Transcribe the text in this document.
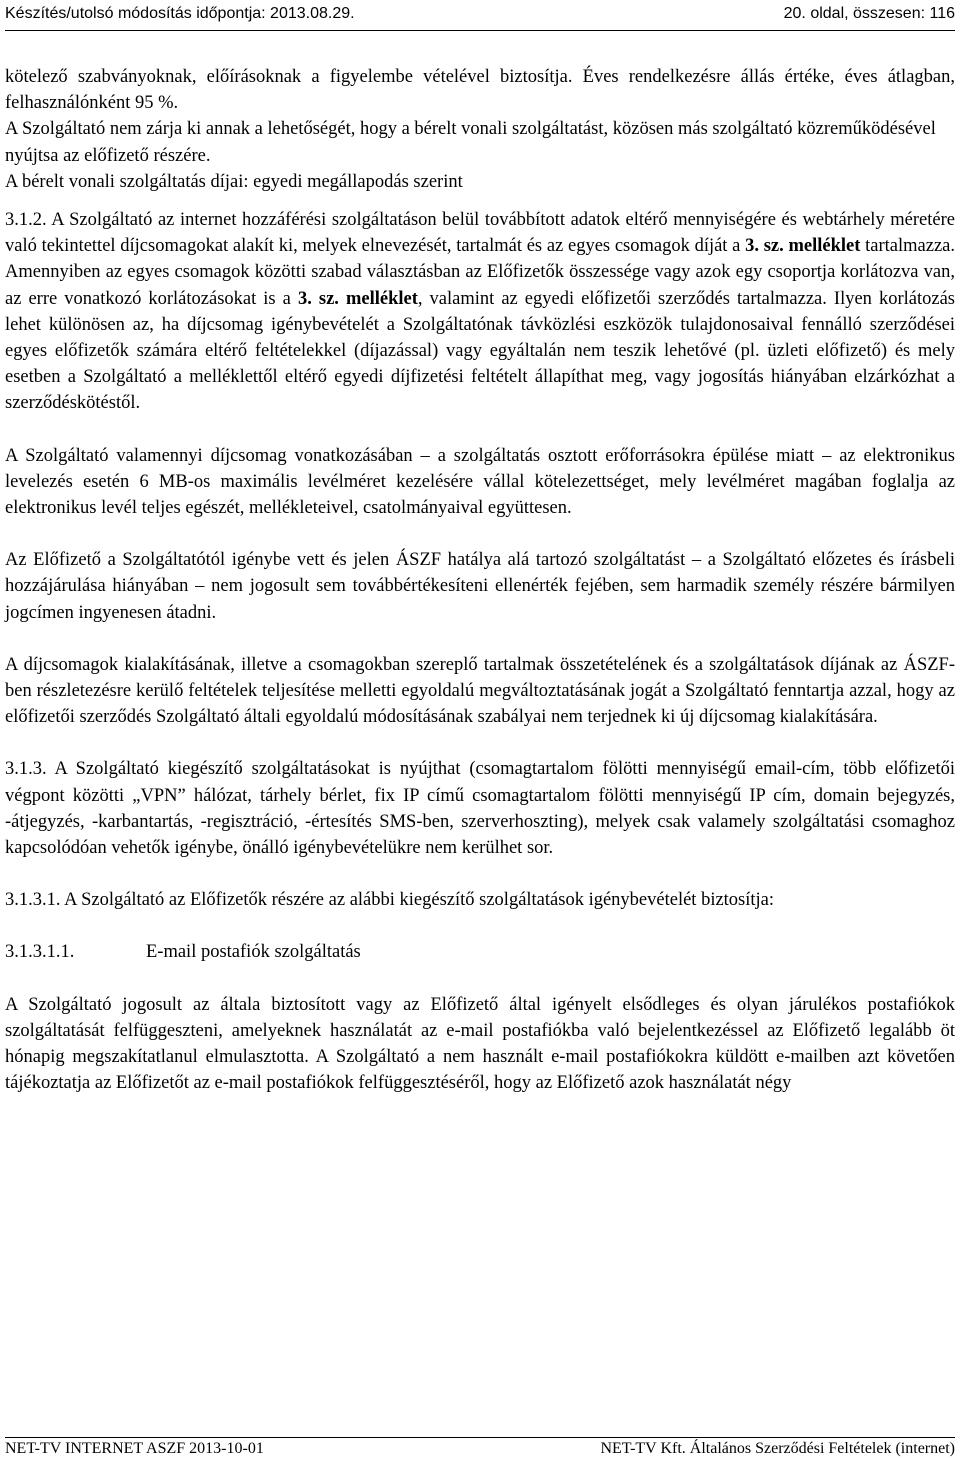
Készítés/utolsó módosítás időpontja: 2013.08.29.	20. oldal, összesen: 116

kötelező szabványoknak, előírásoknak a figyelembe vételével biztosítja. Éves rendelkezésre állás értéke, éves átlagban, felhasználónként 95 %.

A Szolgáltató nem zárja ki annak a lehetőségét, hogy a bérelt vonali szolgáltatást, közösen más szolgáltató közreműködésével nyújtsa az előfizető részére.

A bérelt vonali szolgáltatás díjai: egyedi megállapodás szerint

3.1.2. A Szolgáltató az internet hozzáférési szolgáltatáson belül továbbított adatok eltérő mennyiségére és webtárhely méretére való tekintettel díjcsomagokat alakít ki, melyek elnevezését, tartalmát és az egyes csomagok díját a 3. sz. melléklet tartalmazza. Amennyiben az egyes csomagok közötti szabad választásban az Előfizetők összessége vagy azok egy csoportja korlátozva van, az erre vonatkozó korlátozásokat is a 3. sz. melléklet, valamint az egyedi előfizetői szerződés tartalmazza. Ilyen korlátozás lehet különösen az, ha díjcsomag igénybevételét a Szolgáltatónak távközlési eszközök tulajdonosaival fennálló szerződései egyes előfizetők számára eltérő feltételekkel (díjazással) vagy egyáltalán nem teszik lehetővé (pl. üzleti előfizető) és mely esetben a Szolgáltató a melléklettől eltérő egyedi díjfizetési feltételt állapíthat meg, vagy jogosítás hiányában elzárkózhat a szerződéskötéstől.

A Szolgáltató valamennyi díjcsomag vonatkozásában – a szolgáltatás osztott erőforrásokra épülése miatt – az elektronikus levelezés esetén 6 MB-os maximális levélméret kezelésére vállal kötelezettséget, mely levélméret magában foglalja az elektronikus levél teljes egészét, mellékleteivel, csatolmányaival együttesen.

Az Előfizető a Szolgáltatótól igénybe vett és jelen ÁSZF hatálya alá tartozó szolgáltatást – a Szolgáltató előzetes és írásbeli hozzájárulása hiányában – nem jogosult sem továbbértékesíteni ellenérték fejében, sem harmadik személy részére bármilyen jogcímen ingyenesen átadni.

A díjcsomagok kialakításának, illetve a csomagokban szereplő tartalmak összetételének és a szolgáltatások díjának az ÁSZF-ben részletezésre kerülő feltételek teljesítése melletti egyoldalú megváltoztatásának jogát a Szolgáltató fenntartja azzal, hogy az előfizetői szerződés Szolgáltató általi egyoldalú módosításának szabályai nem terjednek ki új díjcsomag kialakítására.

3.1.3. A Szolgáltató kiegészítő szolgáltatásokat is nyújthat (csomagtartalom fölötti mennyiségű email-cím, több előfizetői végpont közötti „VPN” hálózat, tárhely bérlet, fix IP című csomagtartalom fölötti mennyiségű IP cím, domain bejegyzés, -átjegyzés, -karbantartás, -regisztráció, -értesítés SMS-ben, szerverhoszting), melyek csak valamely szolgáltatási csomaghoz kapcsolódóan vehetők igénybe, önálló igénybevételükre nem kerülhet sor.

3.1.3.1. A Szolgáltató az Előfizetők részére az alábbi kiegészítő szolgáltatások igénybevételét biztosítja:

3.1.3.1.1.	E-mail postafiók szolgáltatás

A Szolgáltató jogosult az általa biztosított vagy az Előfizető által igényelt elsődleges és olyan járulékos postafiókok szolgáltatását felfüggeszteni, amelyeknek használatát az e-mail postafiókba való bejelentkezéssel az Előfizető legalább öt hónapig megszakítatlanul elmulasztotta. A Szolgáltató a nem használt e-mail postafiókokra küldött e-mailben azt követően tájékoztatja az Előfizetőt az e-mail postafiókok felfüggesztéséről, hogy az Előfizető azok használatát négy

NET-TV INTERNET ASZF 2013-10-01	NET-TV Kft. Általános Szerződési Feltételek (internet)
